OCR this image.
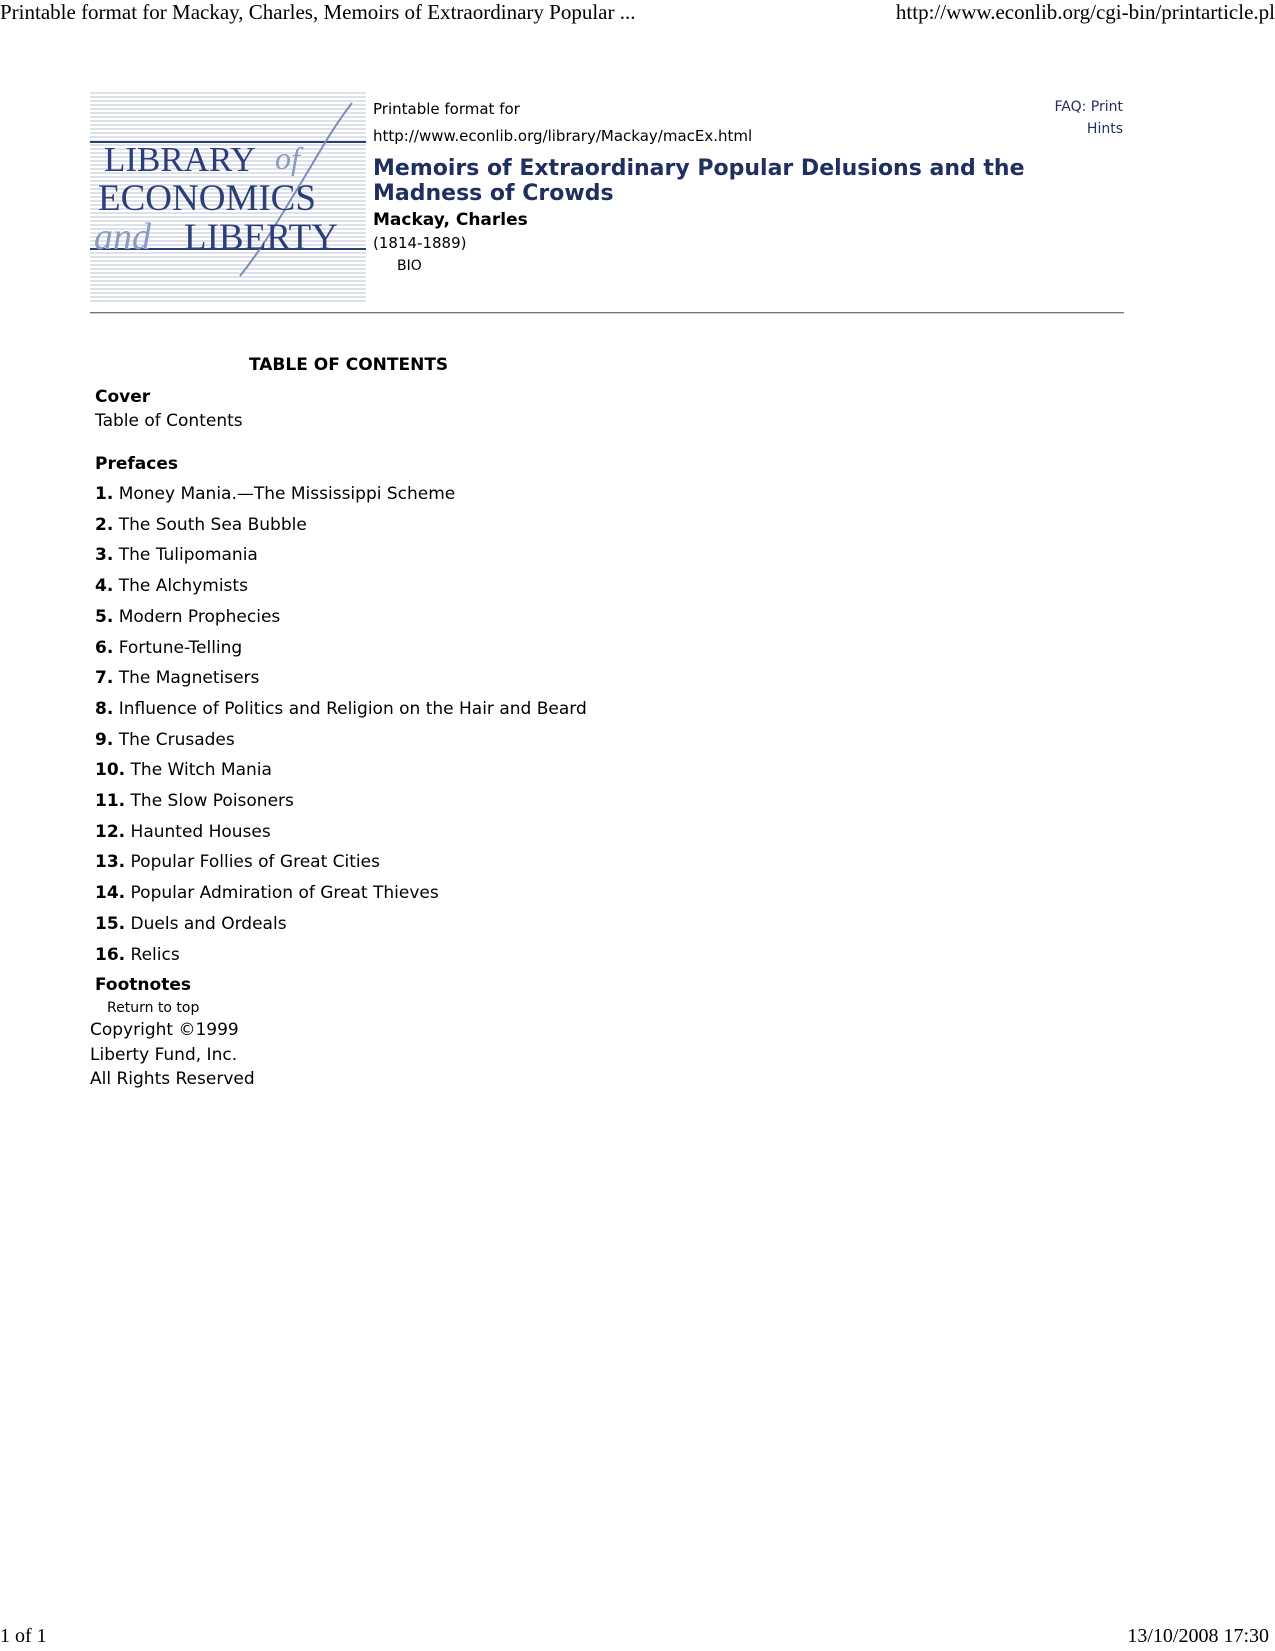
Printable format for Mackay, Charles, Memoirs of Extraordinary Popular ...	http://www.econlib.org/cgi-bin/printarticle.pl
LIBRARY of
ECONOMICS
and LIBERTY
Printable format for
http://www.econlib.org/library/Mackay/macEx.html
Memoirs of Extraordinary Popular Delusions and the Madness of Crowds
Mackay, Charles
(1814-1889)
BIO
FAQ: Print
Hints
TABLE OF CONTENTS
Cover
Table of Contents
Prefaces
1. Money Mania.—The Mississippi Scheme
2. The South Sea Bubble
3. The Tulipomania
4. The Alchymists
5. Modern Prophecies
6. Fortune-Telling
7. The Magnetisers
8. Influence of Politics and Religion on the Hair and Beard
9. The Crusades
10. The Witch Mania
11. The Slow Poisoners
12. Haunted Houses
13. Popular Follies of Great Cities
14. Popular Admiration of Great Thieves
15. Duels and Ordeals
16. Relics
Footnotes
Return to top
Copyright ©1999
Liberty Fund, Inc.
All Rights Reserved
1 of 1	13/10/2008 17:30
